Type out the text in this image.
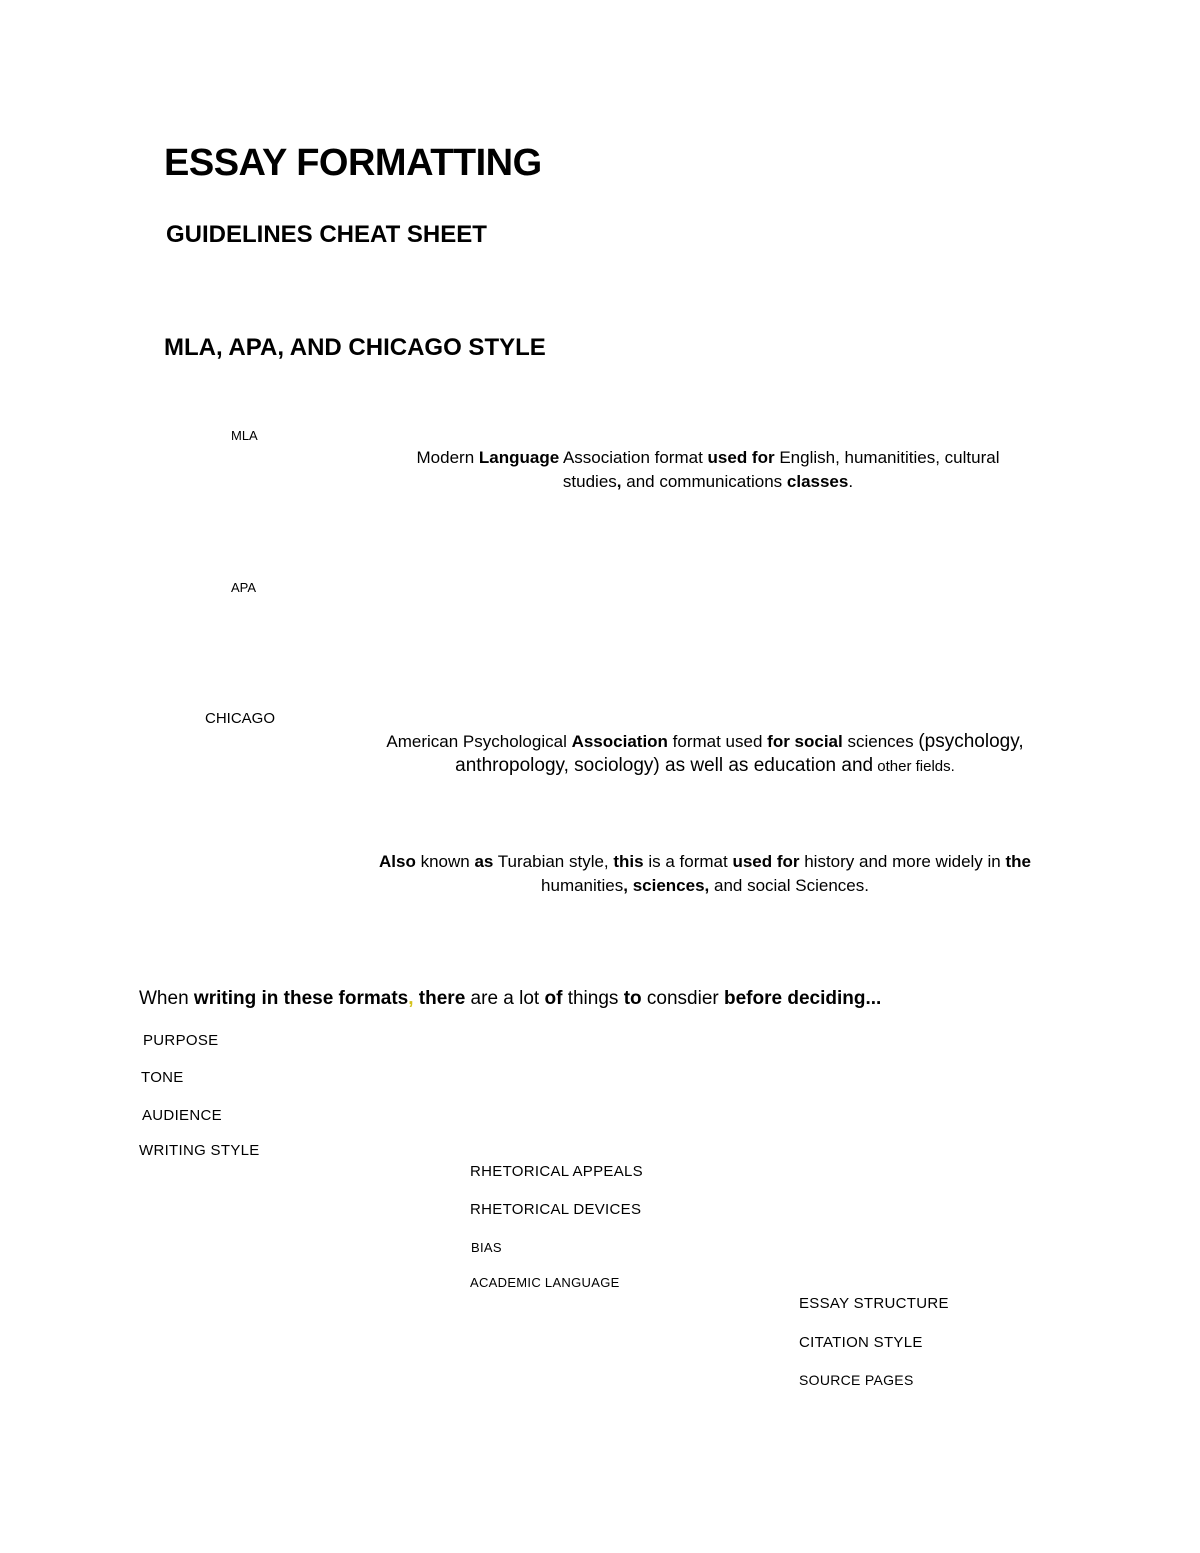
ESSAY FORMATTING
GUIDELINES CHEAT SHEET
MLA, APA, AND CHICAGO STYLE
MLA
APA
CHICAGO
Modern Language Association format used for English, humanitities, cultural studies, and communications classes.
American Psychological Association format used for social sciences (psychology, anthropology, sociology) as well as education and other fields.
Also known as Turabian style, this is a format used for history and more widely in the humanities, sciences, and social Sciences.
When writing in these formats, there are a lot of things to consdier before deciding...
PURPOSE
TONE
AUDIENCE
WRITING STYLE
RHETORICAL APPEALS
RHETORICAL DEVICES
BIAS
ACADEMIC LANGUAGE
ESSAY STRUCTURE
CITATION STYLE
SOURCE PAGES
